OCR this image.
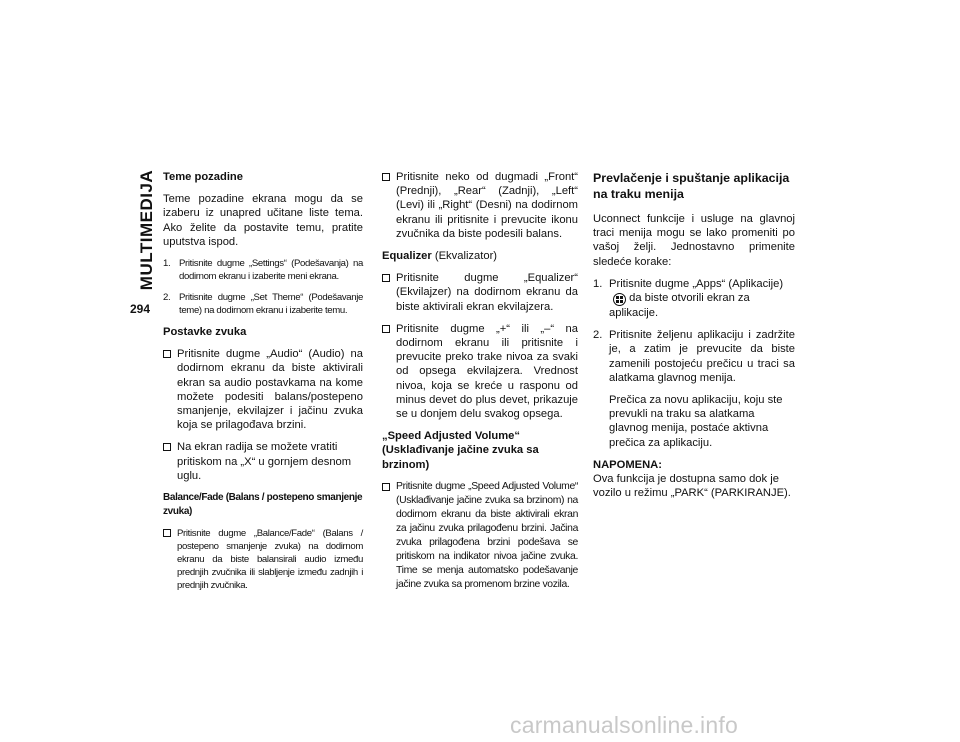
MULTIMEDIJA
294
Teme pozadine

Teme pozadine ekrana mogu da se izaberu iz unapred učitane liste tema. Ako želite da postavite temu, pratite uputstva ispod.

1. Pritisnite dugme „Settings“ (Podešavanja) na dodirnom ekranu i izaberite meni ekrana.
2. Pritisnite dugme „Set Theme“ (Podešavanje teme) na dodirnom ekranu i izaberite temu.
Postavke zvuka
Pritisnite dugme „Audio“ (Audio) na dodirnom ekranu da biste aktivirali ekran sa audio postavkama na kome možete podesiti balans/postepeno smanjenje, ekvilajzer i jačinu zvuka koja se prilagođava brzini.
Na ekran radija se možete vratiti pritiskom na „X“ u gornjem desnom uglu.
Balance/Fade (Balans / postepeno smanjenje zvuka)
Pritisnite dugme „Balance/Fade“ (Balans / postepeno smanjenje zvuka) na dodirnom ekranu da biste balansirali audio između prednjih zvučnika ili slabljenje između zadnjih i prednjih zvučnika.
Pritisnite neko od dugmadi „Front“ (Prednji), „Rear“ (Zadnji), „Left“ (Levi) ili „Right“ (Desni) na dodirnom ekranu ili pritisnite i prevucite ikonu zvučnika da biste podesili balans.

Equalizer (Ekvalizator)

Pritisnite dugme „Equalizer“ (Ekvilajzer) na dodirnom ekranu da biste aktivirali ekran ekvilajzera.
Pritisnite dugme „+“ ili „–“ na dodirnom ekranu ili pritisnite i prevucite preko trake nivoa za svaki od opsega ekvilajzera. Vrednost nivoa, koja se kreće u rasponu od minus devet do plus devet, prikazuje se u donjem delu svakog opsega.
„Speed Adjusted Volume“ (Usklađivanje jačine zvuka sa brzinom)
Pritisnite dugme „Speed Adjusted Volume“ (Usklađivanje jačine zvuka sa brzinom) na dodirnom ekranu da biste aktivirali ekran za jačinu zvuka prilagođenu brzini. Jačina zvuka prilagođena brzini podešava se pritiskom na indikator nivoa jačine zvuka. Time se menja automatsko podešavanje jačine zvuka sa promenom brzine vozila.
Prevlačenje i spuštanje aplikacija na traku menija

Uconnect funkcije i usluge na glavnoj traci menija mogu se lako promeniti po vašoj želji. Jednostavno primenite sledeće korake:

1. Pritisnite dugme „Apps“ (Aplikacije)
da biste otvorili ekran za aplikacije.
2. Pritisnite željenu aplikaciju i zadržite je, a zatim je prevucite da biste zamenili postojeću prečicu u traci sa alatkama glavnog menija.

Prečica za novu aplikaciju, koju ste prevukli na traku sa alatkama glavnog menija, postaće aktivna prečica za aplikaciju.

NAPOMENA:
Ova funkcija je dostupna samo dok je vozilo u režimu „PARK“ (PARKIRANJE).

carmanualsonline.info
